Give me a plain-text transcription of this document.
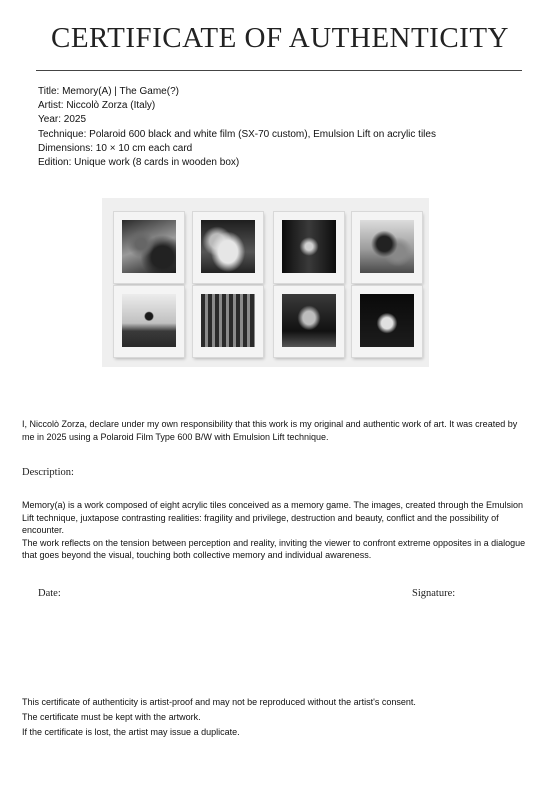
CERTIFICATE OF AUTHENTICITY
Title: Memory(A) | The Game(?)
Artist: Niccolò Zorza (Italy)
Year: 2025
Technique: Polaroid 600 black and white film (SX-70 custom), Emulsion Lift on acrylic tiles
Dimensions: 10 × 10 cm each card
Edition: Unique work (8 cards in wooden box)
I, Niccolò Zorza, declare under my own responsibility that this work is my original and authentic work of art. It was created by me in 2025 using a Polaroid Film Type 600 B/W with Emulsion Lift technique.
Description:

Memory(a) is a work composed of eight acrylic tiles conceived as a memory game. The images, created through the Emulsion Lift technique, juxtapose contrasting realities: fragility and privilege, destruction and beauty, conflict and the possibility of encounter.

The work reflects on the tension between perception and reality, inviting the viewer to confront extreme opposites in a dialogue that goes beyond the visual, touching both collective memory and individual awareness.

Date:	Signature:
This certificate of authenticity is artist-proof and may not be reproduced without the artist's consent.
The certificate must be kept with the artwork.
If the certificate is lost, the artist may issue a duplicate.
